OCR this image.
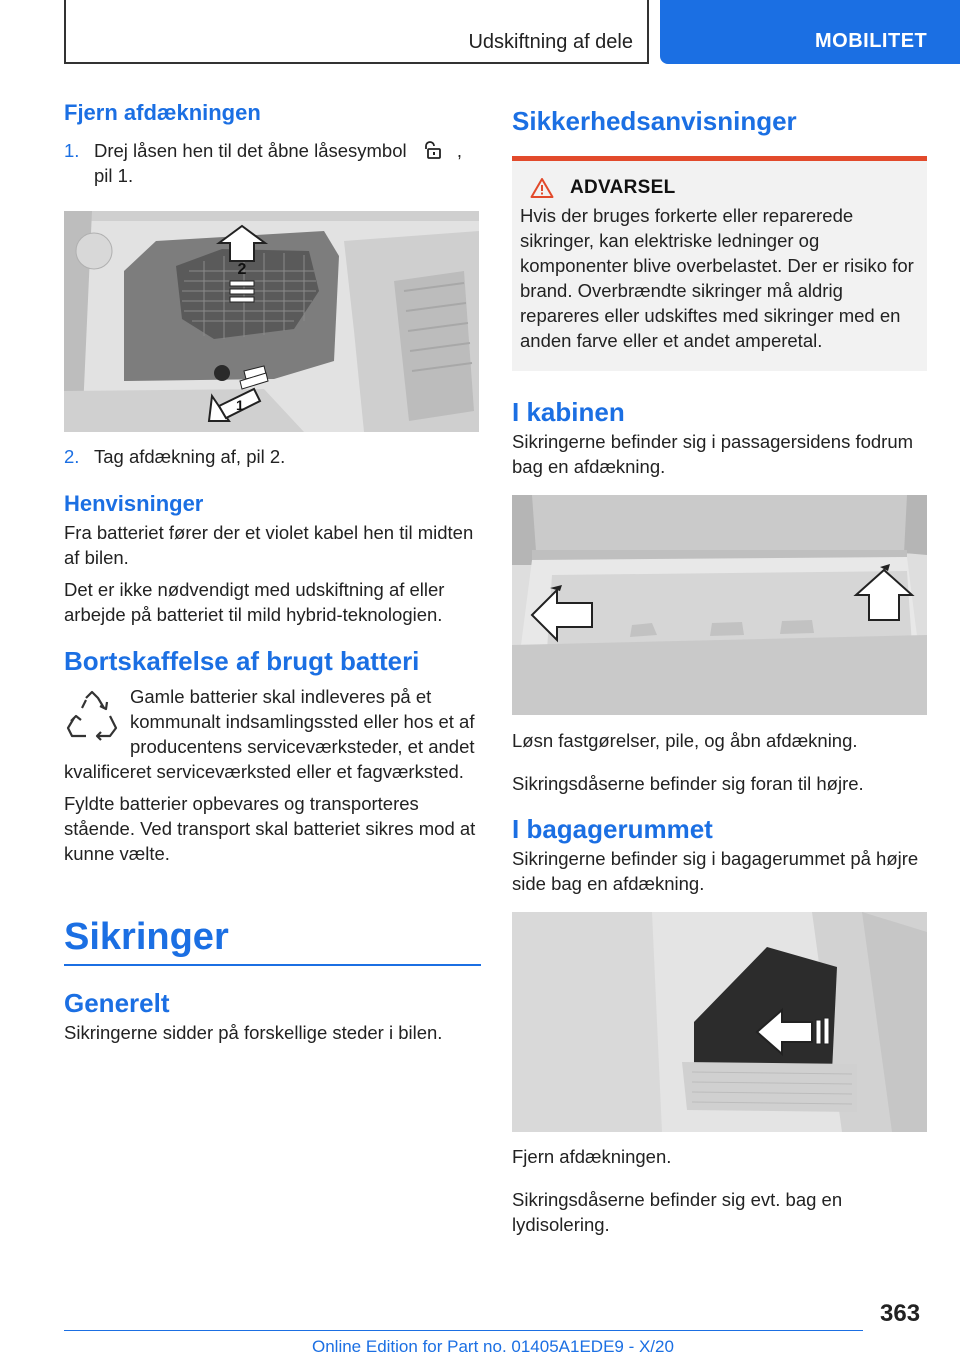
Udskiftning af dele	MOBILITET
Fjern afdækningen
1. Drej låsen hen til det åbne låsesymbol	,
pil 1.
2
1
2. Tag afdækning af, pil 2.
Henvisninger

Fra batteriet fører der et violet kabel hen til midten af bilen.

Det er ikke nødvendigt med udskiftning af eller arbejde på batteriet til mild hybrid-teknologien.

Bortskaffelse af brugt batteri

Gamle batterier skal indleveres på et kommunalt indsamlingssted eller hos et af producentens serviceværksteder, et andet kvalificeret serviceværksted eller et fagværksted.

Fyldte batterier opbevares og transporteres stående. Ved transport skal batteriet sikres mod at kunne vælte.

Sikringer
Generelt

Sikringerne sidder på forskellige steder i bilen.

Sikkerhedsanvisninger
ADVARSEL

Hvis der bruges forkerte eller reparerede sikringer, kan elektriske ledninger og komponenter blive overbelastet. Der er risiko for brand. Overbrændte sikringer må aldrig repareres eller udskiftes med sikringer med en anden farve eller et andet amperetal.

I kabinen

Sikringerne befinder sig i passagersidens fodrum bag en afdækning.

Løsn fastgørelser, pile, og åbn afdækning.

Sikringsdåserne befinder sig foran til højre.

I bagagerummet

Sikringerne befinder sig i bagagerummet på højre side bag en afdækning.

Fjern afdækningen.

Sikringsdåserne befinder sig evt. bag en lydisolering.

363
Online Edition for Part no. 01405A1EDE9 - X/20
